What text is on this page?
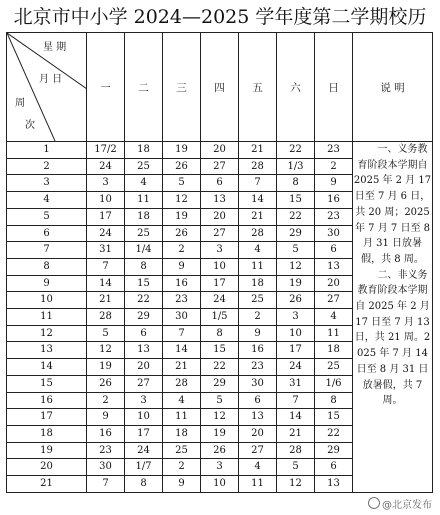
北京市中小学 2024—2025 学年度第二学期校历
星 期
月 日
周
次	一	二	三	四	五	六	日	说 明
1	17/2	18	19	20	21	22	23	一、义务教育阶段本学期自 2025 年 2 月 17 日至 7 月 6 日，共 20 周；2025 年 7 月 7 日至 8 月 31 日放暑假，共 8 周。

二、非义务教育阶段本学期自 2025 年 2 月 17 日至 7 月 13 日，共 21 周。2025 年 7 月 14 日至 8 月 31 日放暑假，共 7 周。

2	24	25	26	27	28	1/3	2	
3	3	4	5	6	7	8	9	
4	10	11	12	13	14	15	16	
5	17	18	19	20	21	22	23	
6	24	25	26	27	28	29	30	
7	31	1/4	2	3	4	5	6	
8	7	8	9	10	11	12	13	
9	14	15	16	17	18	19	20	
10	21	22	23	24	25	26	27	
11	28	29	30	1/5	2	3	4	
12	5	6	7	8	9	10	11	
13	12	13	14	15	16	17	18	
14	19	20	21	22	23	24	25	
15	26	27	28	29	30	31	1/6	
16	2	3	4	5	6	7	8	
17	9	10	11	12	13	14	15	
18	16	17	18	19	20	21	22	
19	23	24	25	26	27	28	29	
20	30	1/7	2	3	4	5	6	
21	7	8	9	10	11	12	13	
@北京发布
